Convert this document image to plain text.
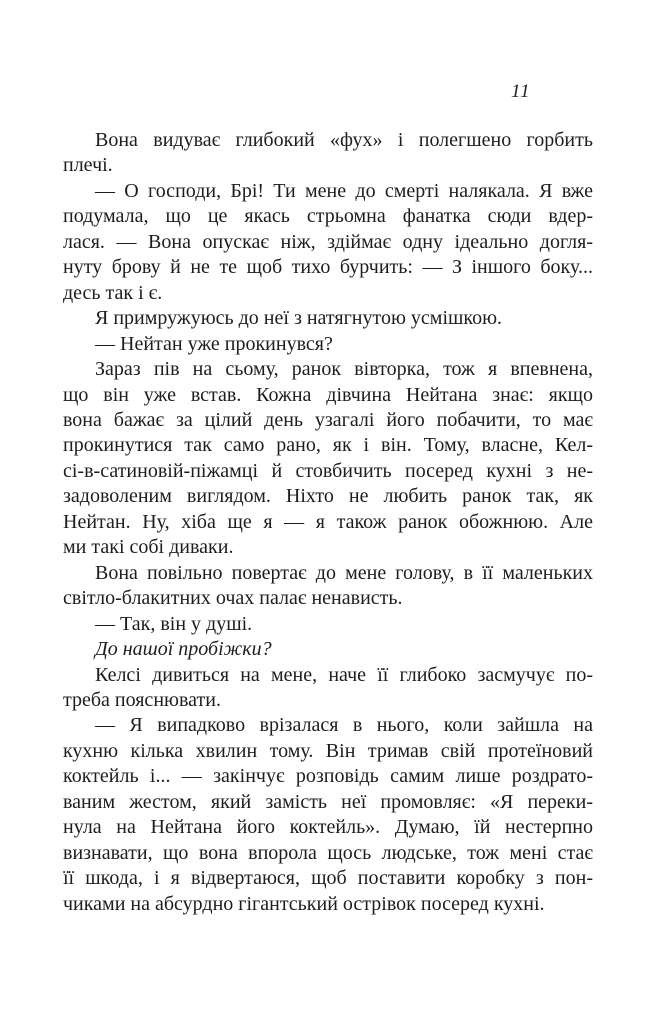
11
Вона видуває глибокий «фух» і полегшено горбить
плечі.
— О господи, Брі! Ти мене до смерті налякала. Я вже
подумала, що це якась стрьомна фанатка сюди вдер-
лася. — Вона опускає ніж, здіймає одну ідеально догля-
нуту брову й не те щоб тихо бурчить: — З іншого боку...
десь так і є.
Я примружуюсь до неї з натягнутою усмішкою.
— Нейтан уже прокинувся?
Зараз пів на сьому, ранок вівторка, тож я впевнена,
що він уже встав. Кожна дівчина Нейтана знає: якщо
вона бажає за цілий день узагалі його побачити, то має
прокинутися так само рано, як і він. Тому, власне, Кел-
сі-в-сатиновій-піжамці й стовбичить посеред кухні з не-
задоволеним виглядом. Ніхто не любить ранок так, як
Нейтан. Ну, хіба ще я — я також ранок обожнюю. Але
ми такі собі диваки.
Вона повільно повертає до мене голову, в її маленьких
світло-блакитних очах палає ненависть.
— Так, він у душі.
До нашої пробіжки?
Келсі дивиться на мене, наче її глибоко засмучує по-
треба пояснювати.
— Я випадково врізалася в нього, коли зайшла на
кухню кілька хвилин тому. Він тримав свій протеїновий
коктейль і... — закінчує розповідь самим лише роздрато-
ваним жестом, який замість неї промовляє: «Я переки-
нула на Нейтана його коктейль». Думаю, їй нестерпно
визнавати, що вона впорола щось людське, тож мені стає
її шкода, і я відвертаюся, щоб поставити коробку з пон-
чиками на абсурдно гігантський острівок посеред кухні.
